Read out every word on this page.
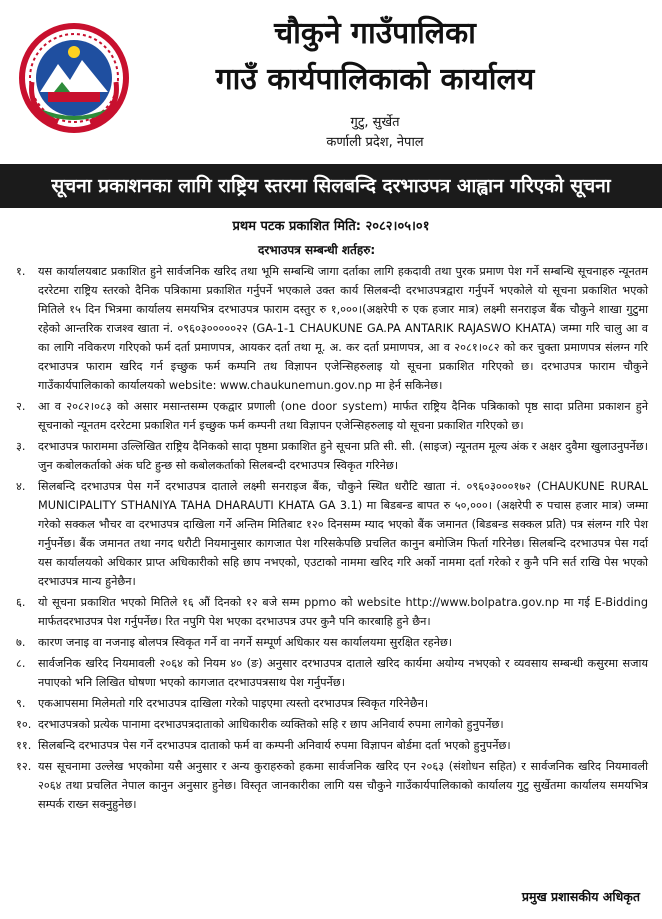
चौकुने गाउँपालिका
गाउँ कार्यपालिकाको कार्यालय
गुटु, सुर्खेत
कर्णाली प्रदेश, नेपाल
सूचना प्रकाशनका लागि राष्ट्रिय स्तरमा सिलबन्दि दरभाउपत्र आह्वान गरिएको सूचना
प्रथम पटक प्रकाशित मिति: २०८२।०५।०१
दरभाउपत्र सम्बन्धी शर्तहरु:
१.	यस कार्यालयबाट प्रकाशित हुने सार्वजनिक खरिद तथा भूमि सम्बन्धि जागा दर्ताका लागि हकदावी तथा पुरक प्रमाण पेश गर्ने सम्बन्धि सूचनाहरु न्यूनतम दररेटमा राष्ट्रिय स्तरको दैनिक पत्रिकामा प्रकाशित गर्नुपर्ने भएकाले उक्त कार्य सिलबन्दी दरभाउपत्रद्वारा गर्नुपर्ने भएकोले यो सूचना प्रकाशित भएको मितिले १५ दिन भित्रमा कार्यालय समयभित्र दरभाउपत्र फाराम दस्तुर रु १,०००।(अक्षरेपी रु एक हजार मात्र) लक्ष्मी सनराइज बैंक चौकुने शाखा गुटुमा रहेको आन्तरिक राजश्व खाता नं. ०९६०३०००००२२ (GA-1-1 CHAUKUNE GA.PA ANTARIK RAJASWO KHATA) जम्मा गरि चालु आ व का लागि नविकरण गरिएको फर्म दर्ता प्रमाणपत्र, आयकर दर्ता तथा मू. अ. कर दर्ता प्रमाणपत्र, आ व २०८१।०८२ को कर चुक्ता प्रमाणपत्र संलग्न गरि दरभाउपत्र फाराम खरिद गर्न इच्छुक फर्म कम्पनि तथ विज्ञापन एजेन्सिहरुलाइ यो सूचना प्रकाशित गरिएको छ। दरभाउपत्र फाराम चौकुने गाउँकार्यपालिकाको कार्यालयको website: www.chaukunemun.gov.np मा हेर्न सकिनेछ।
२.	आ व २०८२।०८३ को असार मसान्तसम्म एकद्वार प्रणाली (one door system) मार्फत राष्ट्रिय दैनिक पत्रिकाको पृष्ठ सादा प्रतिमा प्रकाशन हुने सूचनाको न्यूनतम दररेटमा प्रकाशित गर्न इच्छुक फर्म कम्पनी तथा विज्ञापन एजेन्सिहरुलाइ यो सूचना प्रकाशित गरिएको छ।
३.	दरभाउपत्र फाराममा उल्लिखित राष्ट्रिय दैनिकको सादा पृष्ठमा प्रकाशित हुने सूचना प्रति सी. सी. (साइज) न्यूनतम मूल्य अंक र अक्षर दुवैमा खुलाउनुपर्नेछ। जुन कबोलकर्ताको अंक घटि हुन्छ सो कबोलकर्ताको सिलबन्दी दरभाउपत्र स्विकृत गरिनेछ।
४.	सिलबन्दि दरभाउपत्र पेस गर्ने दरभाउपत्र दाताले लक्ष्मी सनराइज बैंक, चौकुने स्थित धरौटि खाता नं. ०९६०३०००१७२ (CHAUKUNE RURAL MUNICIPALITY STHANIYA TAHA DHARAUTI KHATA GA 3.1) मा बिडबन्ड बापत रु ५०,०००। (अक्षरेपी रु पचास हजार मात्र) जम्मा गरेको सक्कल भौचर वा दरभाउपत्र दाखिला गर्ने अन्तिम मितिबाट १२० दिनसम्म म्याद भएको बैंक जमानत (बिडबन्ड सक्कल प्रति) पत्र संलग्न गरि पेश गर्नुपर्नेछ। बैंक जमानत तथा नगद धरौटी नियमानुसार कागजात पेश गरिसकेपछि प्रचलित कानुन बमोजिम फिर्ता गरिनेछ। सिलबन्दि दरभाउपत्र पेस गर्दा यस कार्यालयको अधिकार प्राप्त अधिकारीको सहि छाप नभएको, एउटाको नाममा खरिद गरि अर्को नाममा दर्ता गरेको र कुनै पनि सर्त राखि पेस भएको दरभाउपत्र मान्य हुनेछैन।
६.	यो सूचना प्रकाशित भएको मितिले १६ औं दिनको १२ बजे सम्म ppmo को website http://www.bolpatra.gov.np मा गई E-Bidding मार्फतदरभाउपत्र पेश गर्नुपर्नेछ। रित नपुगि पेश भएका दरभाउपत्र उपर कुनै पनि कारबाहि हुने छैन।
७.	कारण जनाइ वा नजनाइ बोलपत्र स्विकृत गर्ने वा नगर्ने सम्पूर्ण अधिकार यस कार्यालयमा सुरक्षित रहनेछ।
८.	सार्वजनिक खरिद नियमावली २०६४ को नियम ४० (ङ) अनुसार दरभाउपत्र दाताले खरिद कार्यमा अयोग्य नभएको र व्यवसाय सम्बन्धी कसुरमा सजाय नपाएको भनि लिखित घोषणा भएको कागजात दरभाउपत्रसाथ पेश गर्नुपर्नेछ।
९.	एकआपसमा मिलेमतो गरि दरभाउपत्र दाखिला गरेको पाइएमा त्यस्तो दरभाउपत्र स्विकृत गरिनेछैन।
१०. दरभाउपत्रको प्रत्येक पानामा दरभाउपत्रदाताको आधिकारीक व्यक्तिको सहि र छाप अनिवार्य रुपमा लागेको हुनुपर्नेछ।
११. सिलबन्दि दरभाउपत्र पेस गर्ने दरभाउपत्र दाताको फर्म वा कम्पनी अनिवार्य रुपमा विज्ञापन बोर्डमा दर्ता भएको हुनुपर्नेछ।
१२. यस सूचनामा उल्लेख भएकोमा यसै अनुसार र अन्य कुराहरुको हकमा सार्वजनिक खरिद एन २०६३ (संशोधन सहित) र सार्वजनिक खरिद नियमावली २०६४ तथा प्रचलित नेपाल कानुन अनुसार हुनेछ। विस्तृत जानकारीका लागि यस चौकुने गाउँकार्यपालिकाको कार्यालय गुटु सुर्खेतमा कार्यालय समयभित्र सम्पर्क राख्न सक्नुहुनेछ।
प्रमुख प्रशासकीय अधिकृत
